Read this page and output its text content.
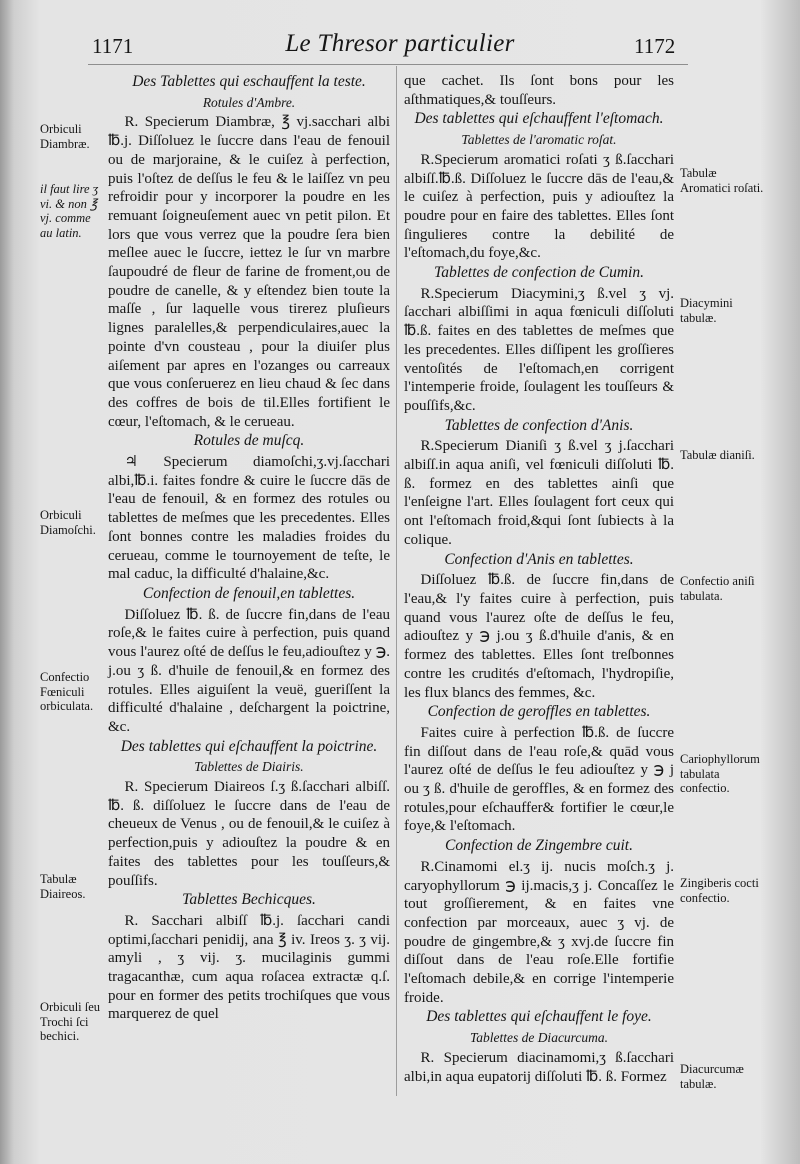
1171	Le Thresor particulier	1172
Des Tablettes qui eschauffent la teste.
Rotules d'Ambre.

R. Specierum Diambræ, ℥ vj.sacchari albi ℔.j. Diſſoluez le ſuccre dans l'eau de fenouil ou de marjoraine, & le cuiſez à perfection, puis l'oſtez de deſſus le feu & le laiſſez vn peu refroidir pour y incorporer la poudre en les remuant ſoigneuſement auec vn petit pilon. Et lors que vous verrez que la poudre ſera bien meſlee auec le ſuccre, iettez le ſur vn marbre ſaupoudré de fleur de farine de froment,ou de poudre de canelle, & y eſtendez bien toute la maſſe , ſur laquelle vous tirerez pluſieurs lignes paralelles,& perpendiculaires,auec la pointe d'vn cousteau , pour la diuiſer plus aiſement par apres en l'ozanges ou carreaux que vous conſeruerez en lieu chaud & ſec dans des coffres de bois de til.Elles fortifient le cœur, l'eſtomach, & le cerueau.

Rotules de muſcq.

♃ Specierum diamoſchi,ʒ.vj.ſacchari albi,℔.i. faites fondre & cuire le ſuccre dās de l'eau de fenouil, & en formez des rotules ou tablettes de meſmes que les precedentes. Elles ſont bonnes contre les maladies froides du cerueau, comme le tournoyement de teſte, le mal caduc, la difficulté d'halaine,&c.

Confection de fenouil,en tablettes.

Diſſoluez ℔. ß. de ſuccre fin,dans de l'eau roſe,& le faites cuire à perfection, puis quand vous l'aurez oſté de deſſus le feu,adiouſtez y ℈. j.ou ʒ ß. d'huile de fenouil,& en formez des rotules. Elles aiguiſent la veuë, gueriſſent la difficulté d'halaine , deſchargent la poictrine, &c.

Des tablettes qui eſchauffent la poictrine.
Tablettes de Diairis.

R. Specierum Diaireos ſ.ʒ ß.ſacchari albiſſ. ℔. ß. diſſoluez le ſuccre dans de l'eau de cheueux de Venus , ou de fenouil,& le cuiſez à perfection,puis y adiouſtez la poudre & en faites des tablettes pour les touſſeurs,& pouſſifs.

Tablettes Bechicques.

R. Sacchari albiſſ ℔.j. ſacchari candi optimi,ſacchari penidij, ana ℥ iv. Ireos ʒ. ʒ vij. amyli , ʒ vij. ʒ. mucilaginis gummi tragacanthæ, cum aqua roſacea extractæ q.ſ. pour en former des petits trochiſques que vous marquerez de quel

que cachet. Ils ſont bons pour les aſthmatiques,& touſſeurs.

Des tablettes qui eſchauffent l'eſtomach.
Tablettes de l'aromatic roſat.

R.Specierum aromatici roſati ʒ ß.ſacchari albiſſ.℔.ß. Diſſoluez le ſuccre dās de l'eau,& le cuiſez à perfection, puis y adiouſtez la poudre pour en faire des tablettes. Elles ſont ſingulieres contre la debilité de l'eſtomach,du foye,&c.

Tablettes de confection de Cumin.

R.Specierum Diacymini,ʒ ß.vel ʒ vj. ſacchari albiſſimi in aqua fœniculi diſſoluti ℔.ß. faites en des tablettes de meſmes que les precedentes. Elles diſſipent les groſſieres ventoſités de l'eſtomach,en corrigent l'intemperie froide, ſoulagent les touſſeurs & pouſſifs,&c.

Tablettes de confection d'Anis.

R.Specierum Dianiſi ʒ ß.vel ʒ j.ſacchari albiſſ.in aqua aniſi, vel fœniculi diſſoluti ℔. ß. formez en des tablettes ainſi que l'enſeigne l'art. Elles ſoulagent fort ceux qui ont l'eſtomach froid,&qui ſont ſubiects à la colique.

Confection d'Anis en tablettes.

Diſſoluez ℔.ß. de ſuccre fin,dans de l'eau,& l'y faites cuire à perfection, puis quand vous l'aurez oſte de deſſus le feu, adiouſtez y ℈ j.ou ʒ ß.d'huile d'anis, & en formez des tablettes. Elles ſont treſbonnes contre les crudités d'eſtomach, l'hydropiſie, les flux blancs des femmes, &c.

Confection de geroffles en tablettes.

Faites cuire à perfection ℔.ß. de ſuccre fin diſſout dans de l'eau roſe,& quād vous l'aurez oſté de deſſus le feu adiouſtez y ℈ j ou ʒ ß. d'huile de geroffles, & en formez des rotules,pour eſchauffer& fortifier le cœur,le foye,& l'eſtomach.

Confection de Zingembre cuit.

R.Cinamomi el.ʒ ij. nucis moſch.ʒ j. caryophyllorum ℈ ij.macis,ʒ j. Concaſſez le tout groſſierement, & en faites vne confection par morceaux, auec ʒ vj. de poudre de gingembre,& ʒ xvj.de ſuccre fin diſſout dans de l'eau roſe.Elle fortifie l'eſtomach debile,& en corrige l'intemperie froide.

Des tablettes qui eſchauffent le foye.
Tablettes de Diacurcuma.

R. Specierum diacinamomi,ʒ ß.ſacchari albi,in aqua eupatorij diſſoluti ℔. ß. Formez

Orbiculi Diambræ.
il faut lire ʒ vi. & non ℥ vj. comme au latin.
Orbiculi Diamoſchi.
Confectio Fœniculi orbiculata.
Tabulæ Diaireos.
Orbiculi ſeu Trochi ſci bechici.
Tabulæ Aromatici roſati.
Diacymini tabulæ.
Tabulæ dianiſi.
Confectio aniſi tabulata.
Cariophyllorum tabulata confectio.
Zingiberis cocti confectio.
Diacurcumæ tabulæ.
